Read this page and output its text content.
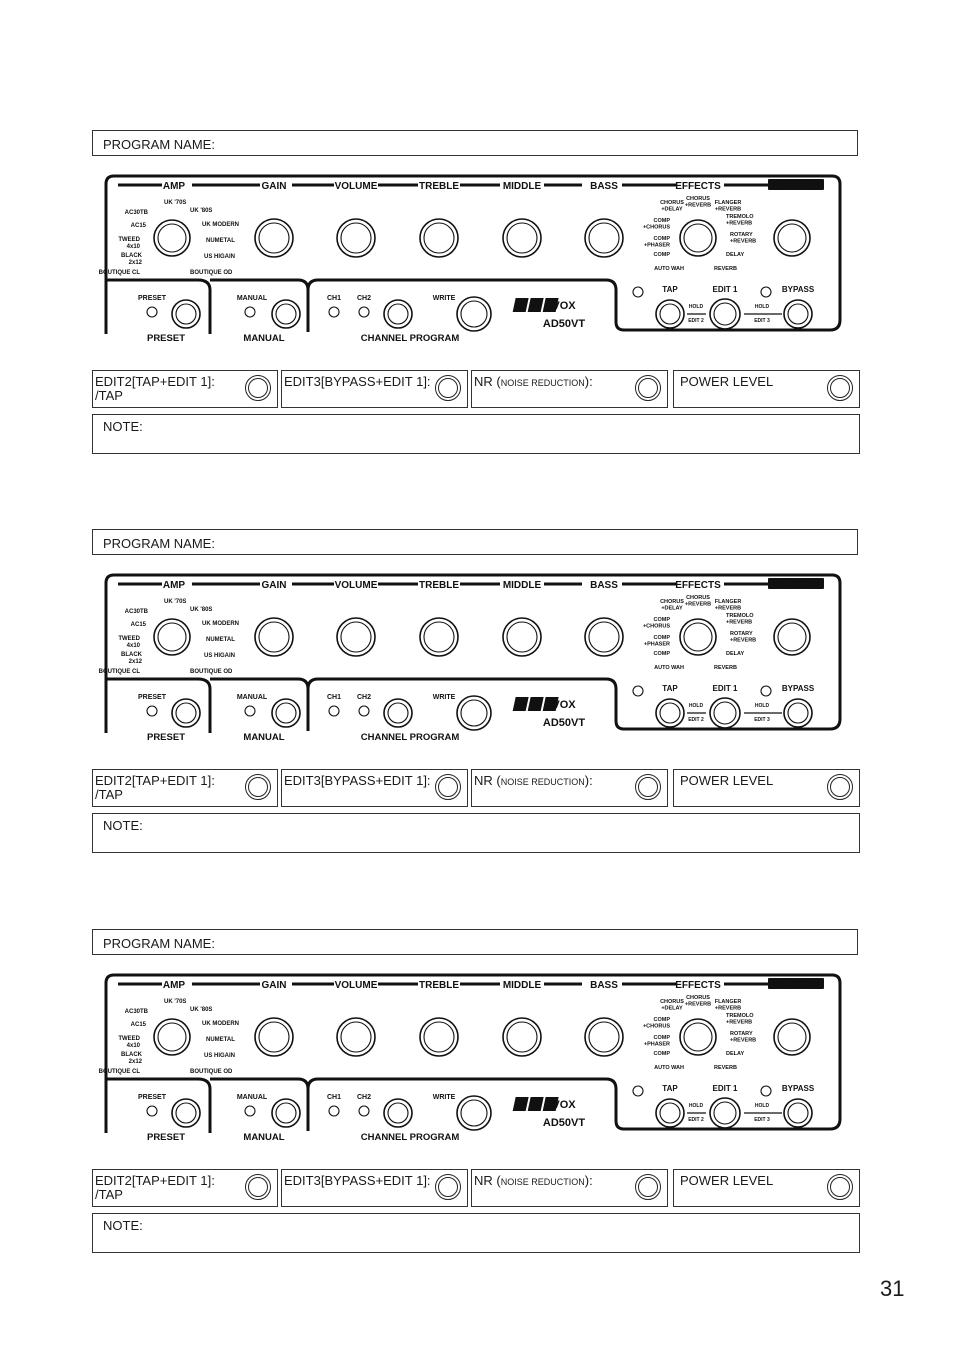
PROGRAM NAME:
AMP	GAIN	VOLUME	TREBLE	MIDDLE	BASS	EFFECTS	MASTER
AC30TB
AC15
TWEED
4x10
BLACK
2x12
BOUTIQUE CL
UK '70S
UK '80S
UK MODERN
NUMETAL
US HIGAIN
BOUTIQUE OD
COMP
+CHORUS
COMP
+PHASER
COMP
AUTO WAH
CHORUS
+DELAY
CHORUS
+REVERB FLANGER
+REVERB
TREMOLO
+REVERB
ROTARY
+REVERB
DELAY
REVERB
PRESET
PRESET
MANUAL
MANUAL
CH1 CH2	WRITE
CHANNEL PROGRAM
VOX
AD50VT
TAP	EDIT 1	BYPASS
HOLD
EDIT 2
HOLD
EDIT 3
EDIT2[TAP+EDIT 1]:
/TAP
EDIT3[BYPASS+EDIT 1]:	NR (NOISE REDUCTION):	POWER LEVEL
NOTE:
PROGRAM NAME:
AMP	GAIN	VOLUME	TREBLE	MIDDLE	BASS	EFFECTS	MASTER
AC30TB
AC15
TWEED
4x10
BLACK
2x12
BOUTIQUE CL
UK '70S
UK '80S
UK MODERN
NUMETAL
US HIGAIN
BOUTIQUE OD
COMP
+CHORUS
COMP
+PHASER
COMP
AUTO WAH
CHORUS
+DELAY
CHORUS
+REVERB FLANGER
+REVERB
TREMOLO
+REVERB
ROTARY
+REVERB
DELAY
REVERB
PRESET
PRESET
MANUAL
MANUAL
CH1 CH2	WRITE
CHANNEL PROGRAM
VOX
AD50VT
TAP	EDIT 1	BYPASS
HOLD
EDIT 2
HOLD
EDIT 3
EDIT2[TAP+EDIT 1]:
/TAP
EDIT3[BYPASS+EDIT 1]:	NR (NOISE REDUCTION):	POWER LEVEL
NOTE:
PROGRAM NAME:
AMP	GAIN	VOLUME	TREBLE	MIDDLE	BASS	EFFECTS	MASTER
AC30TB
AC15
TWEED
4x10
BLACK
2x12
BOUTIQUE CL
UK '70S
UK '80S
UK MODERN
NUMETAL
US HIGAIN
BOUTIQUE OD
COMP
+CHORUS
COMP
+PHASER
COMP
AUTO WAH
CHORUS
+DELAY
CHORUS
+REVERB FLANGER
+REVERB
TREMOLO
+REVERB
ROTARY
+REVERB
DELAY
REVERB
PRESET
PRESET
MANUAL
MANUAL
CH1 CH2	WRITE
CHANNEL PROGRAM
VOX
AD50VT
TAP	EDIT 1	BYPASS
HOLD
EDIT 2
HOLD
EDIT 3
EDIT2[TAP+EDIT 1]:
/TAP
EDIT3[BYPASS+EDIT 1]:	NR (NOISE REDUCTION):	POWER LEVEL
NOTE:
31
